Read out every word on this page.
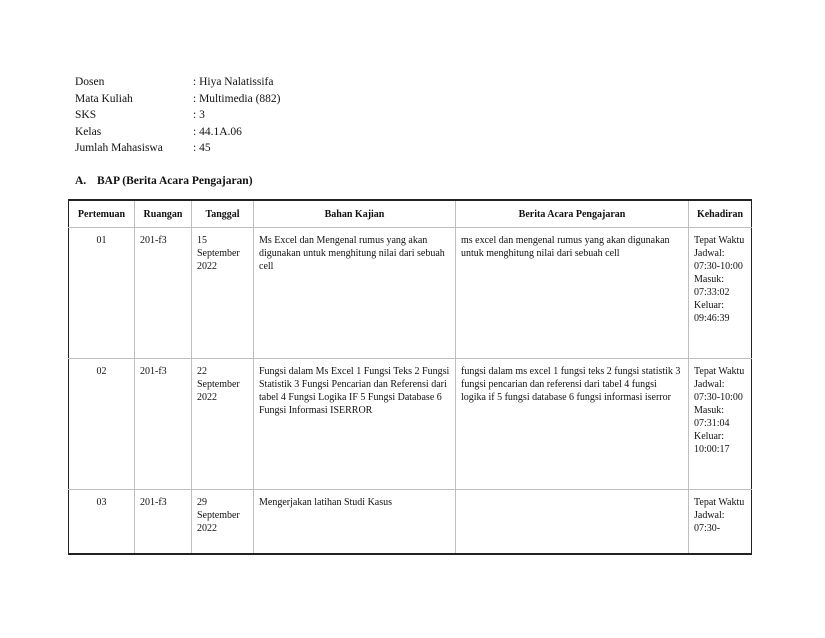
Dosen	: Hiya Nalatissifa
Mata Kuliah	: Multimedia (882)
SKS	: 3
Kelas	: 44.1A.06
Jumlah Mahasiswa	: 45
A. BAP (Berita Acara Pengajaran)
Pertemuan	Ruangan	Tanggal	Bahan Kajian	Berita Acara Pengajaran	Kehadiran
01	201-f3	15 September 2022	Ms Excel dan Mengenal rumus yang akan digunakan untuk menghitung nilai dari sebuah cell	ms excel dan mengenal rumus yang akan digunakan untuk menghitung nilai dari sebuah cell	Tepat Waktu Jadwal: 07:30-10:00 Masuk: 07:33:02 Keluar: 09:46:39
02	201-f3	22 September 2022	Fungsi dalam Ms Excel 1 Fungsi Teks 2 Fungsi Statistik 3 Fungsi Pencarian dan Referensi dari tabel 4 Fungsi Logika IF 5 Fungsi Database 6 Fungsi Informasi ISERROR	fungsi dalam ms excel 1 fungsi teks 2 fungsi statistik 3 fungsi pencarian dan referensi dari tabel 4 fungsi logika if 5 fungsi database 6 fungsi informasi iserror	Tepat Waktu Jadwal: 07:30-10:00 Masuk: 07:31:04 Keluar: 10:00:17
03	201-f3	29 September 2022	Mengerjakan latihan Studi Kasus		Tepat Waktu Jadwal: 07:30-
